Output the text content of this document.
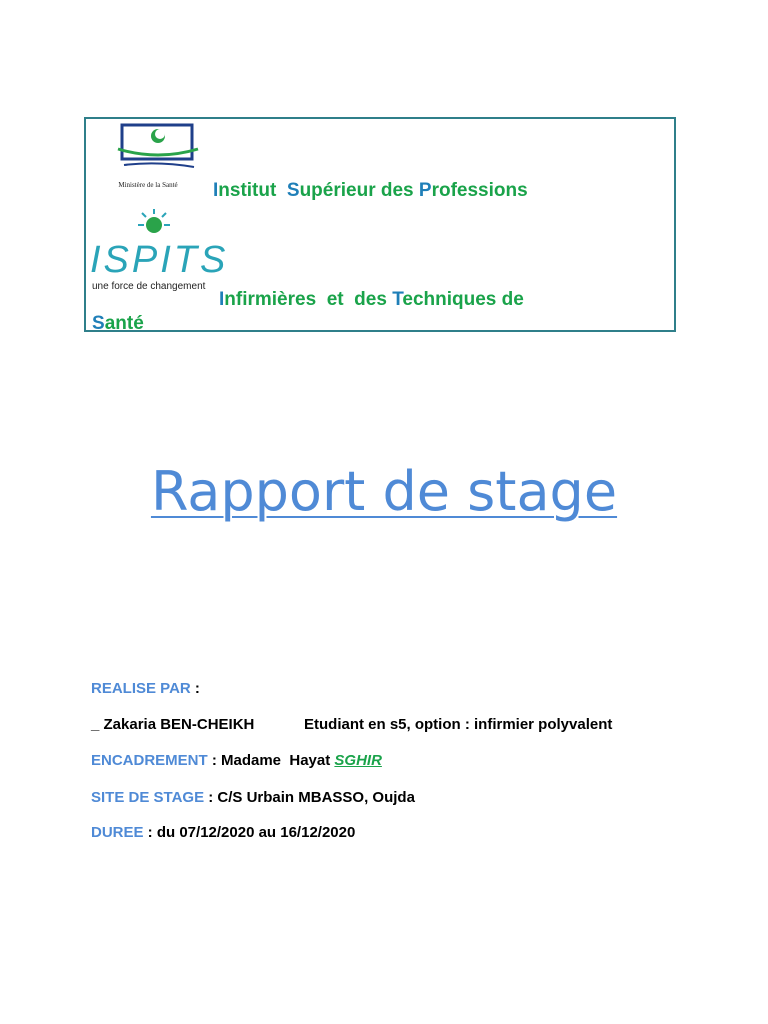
Ministère de la Santé
ISPITS
une force de changement
Institut  Supérieur des Professions
Infirmières  et  des Techniques de
Santé
Rapport de stage
REALISE PAR :
_ Zakaria BEN-CHEIKH	Etudiant en s5, option : infirmier polyvalent
ENCADREMENT : Madame  Hayat SGHIR
SITE DE STAGE : C/S Urbain MBASSO, Oujda
DUREE : du 07/12/2020 au 16/12/2020
